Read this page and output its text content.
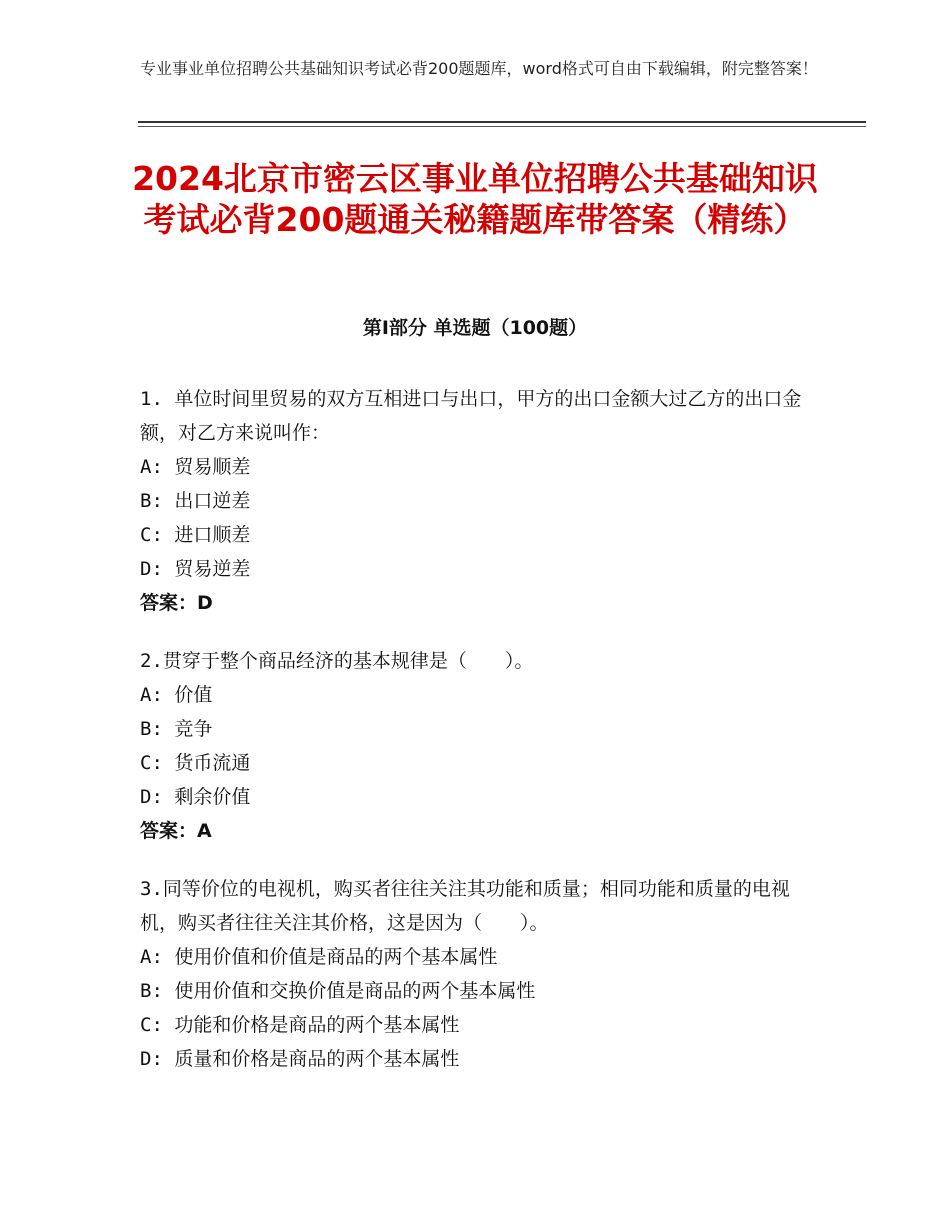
专业事业单位招聘公共基础知识考试必背200题题库，word格式可自由下载编辑，附完整答案！
2024北京市密云区事业单位招聘公共基础知识考试必背200题通关秘籍题库带答案（精练）
第Ⅰ部分 单选题（100题）
1. 单位时间里贸易的双方互相进口与出口，甲方的出口金额大过乙方的出口金额，对乙方来说叫作：
A: 贸易顺差
B: 出口逆差
C: 进口顺差
D: 贸易逆差
答案：D
2.贯穿于整个商品经济的基本规律是（　　）。
A: 价值
B: 竞争
C: 货币流通
D: 剩余价值
答案：A
3.同等价位的电视机，购买者往往关注其功能和质量；相同功能和质量的电视机，购买者往往关注其价格，这是因为（　　）。
A: 使用价值和价值是商品的两个基本属性
B: 使用价值和交换价值是商品的两个基本属性
C: 功能和价格是商品的两个基本属性
D: 质量和价格是商品的两个基本属性
